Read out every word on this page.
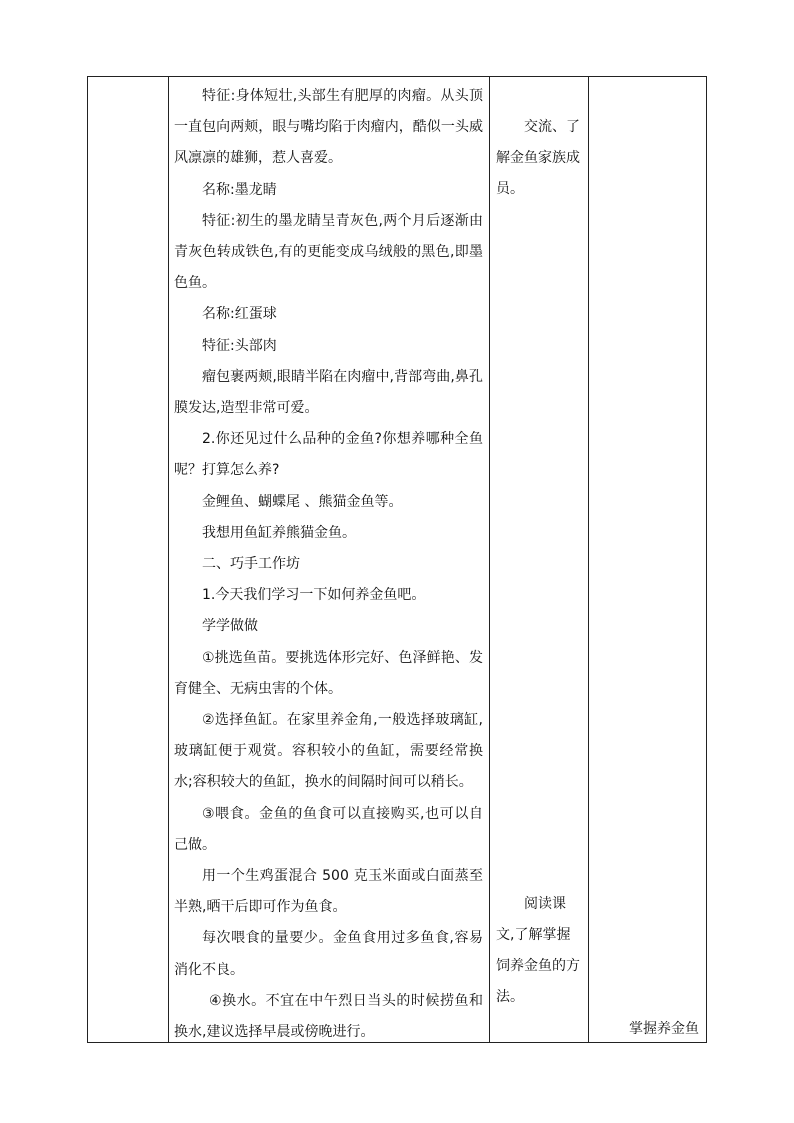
特征:身体短壮,头部生有肥厚的肉瘤。从头顶一直包向两颊，眼与嘴均陷于肉瘤内，酷似一头威风凛凛的雄狮，惹人喜爱。

名称:墨龙睛

特征:初生的墨龙睛呈青灰色,两个月后逐渐由青灰色转成铁色,有的更能变成乌绒般的黑色,即墨色鱼。

名称:红蛋球

特征:头部肉

瘤包裹两颊,眼睛半陷在肉瘤中,背部弯曲,鼻孔膜发达,造型非常可爱。

2.你还见过什么品种的金鱼?你想养哪种全鱼呢？打算怎么养?

金鲤鱼、蝴蝶尾 、熊猫金鱼等。

我想用鱼缸养熊猫金鱼。

二、巧手工作坊

1.今天我们学习一下如何养金鱼吧。

学学做做

①挑选鱼苗。要挑选体形完好、色泽鲜艳、发育健全、无病虫害的个体。

②选择鱼缸。在家里养金角,一般选择玻璃缸,玻璃缸便于观赏。容积较小的鱼缸，需要经常换水;容积较大的鱼缸，换水的间隔时间可以稍长。

③喂食。金鱼的鱼食可以直接购买,也可以自己做。

用一个生鸡蛋混合 500 克玉米面或白面蒸至半熟,晒干后即可作为鱼食。

每次喂食的量要少。金鱼食用过多鱼食,容易消化不良。

④换水。不宜在中午烈日当头的时候捞鱼和换水,建议选择早晨或傍晚进行。

交流、了解金鱼家族成员。

阅读课文,了解掌握饲养金鱼的方法。

掌握养金鱼
